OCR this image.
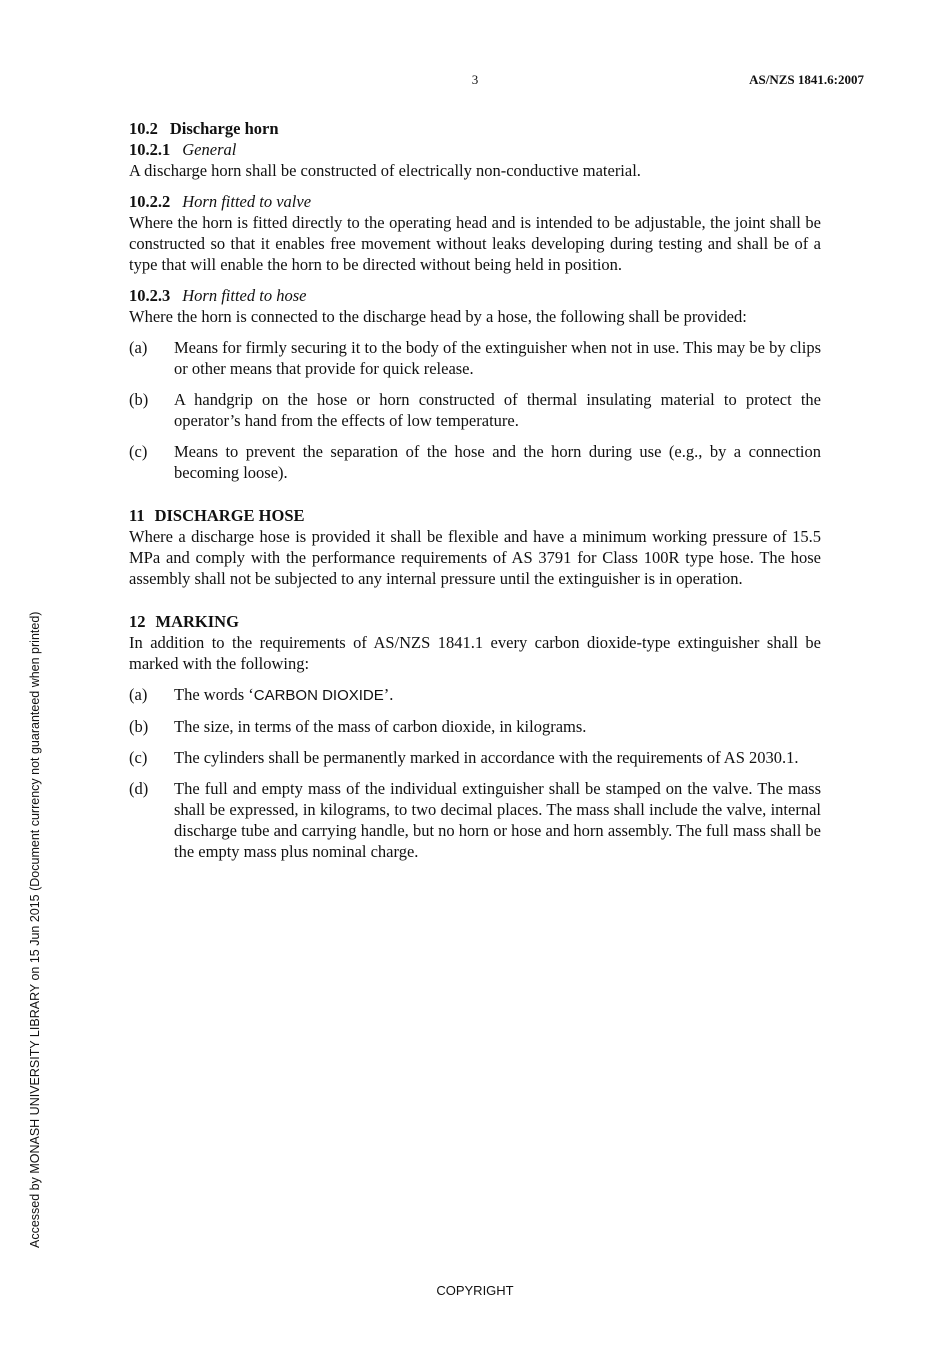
3	AS/NZS 1841.6:2007

10.2 Discharge horn

10.2.1 General

A discharge horn shall be constructed of electrically non-conductive material.

10.2.2 Horn fitted to valve

Where the horn is fitted directly to the operating head and is intended to be adjustable, the joint shall be constructed so that it enables free movement without leaks developing during testing and shall be of a type that will enable the horn to be directed without being held in position.

10.2.3 Horn fitted to hose

Where the horn is connected to the discharge head by a hose, the following shall be provided:

(a) Means for firmly securing it to the body of the extinguisher when not in use. This may be by clips or other means that provide for quick release.
(b) A handgrip on the hose or horn constructed of thermal insulating material to protect the operator’s hand from the effects of low temperature.
(c) Means to prevent the separation of the hose and the horn during use (e.g., by a connection becoming loose).

11 DISCHARGE HOSE

Where a discharge hose is provided it shall be flexible and have a minimum working pressure of 15.5 MPa and comply with the performance requirements of AS 3791 for Class 100R type hose. The hose assembly shall not be subjected to any internal pressure until the extinguisher is in operation.

12 MARKING

In addition to the requirements of AS/NZS 1841.1 every carbon dioxide-type extinguisher shall be marked with the following:

(a) The words ‘CARBON DIOXIDE’.
(b) The size, in terms of the mass of carbon dioxide, in kilograms.
(c) The cylinders shall be permanently marked in accordance with the requirements of AS 2030.1.
(d) The full and empty mass of the individual extinguisher shall be stamped on the valve. The mass shall be expressed, in kilograms, to two decimal places. The mass shall include the valve, internal discharge tube and carrying handle, but no horn or hose and horn assembly. The full mass shall be the empty mass plus nominal charge.
Accessed by MONASH UNIVERSITY LIBRARY on 15 Jun 2015 (Document currency not guaranteed when printed)
COPYRIGHT
